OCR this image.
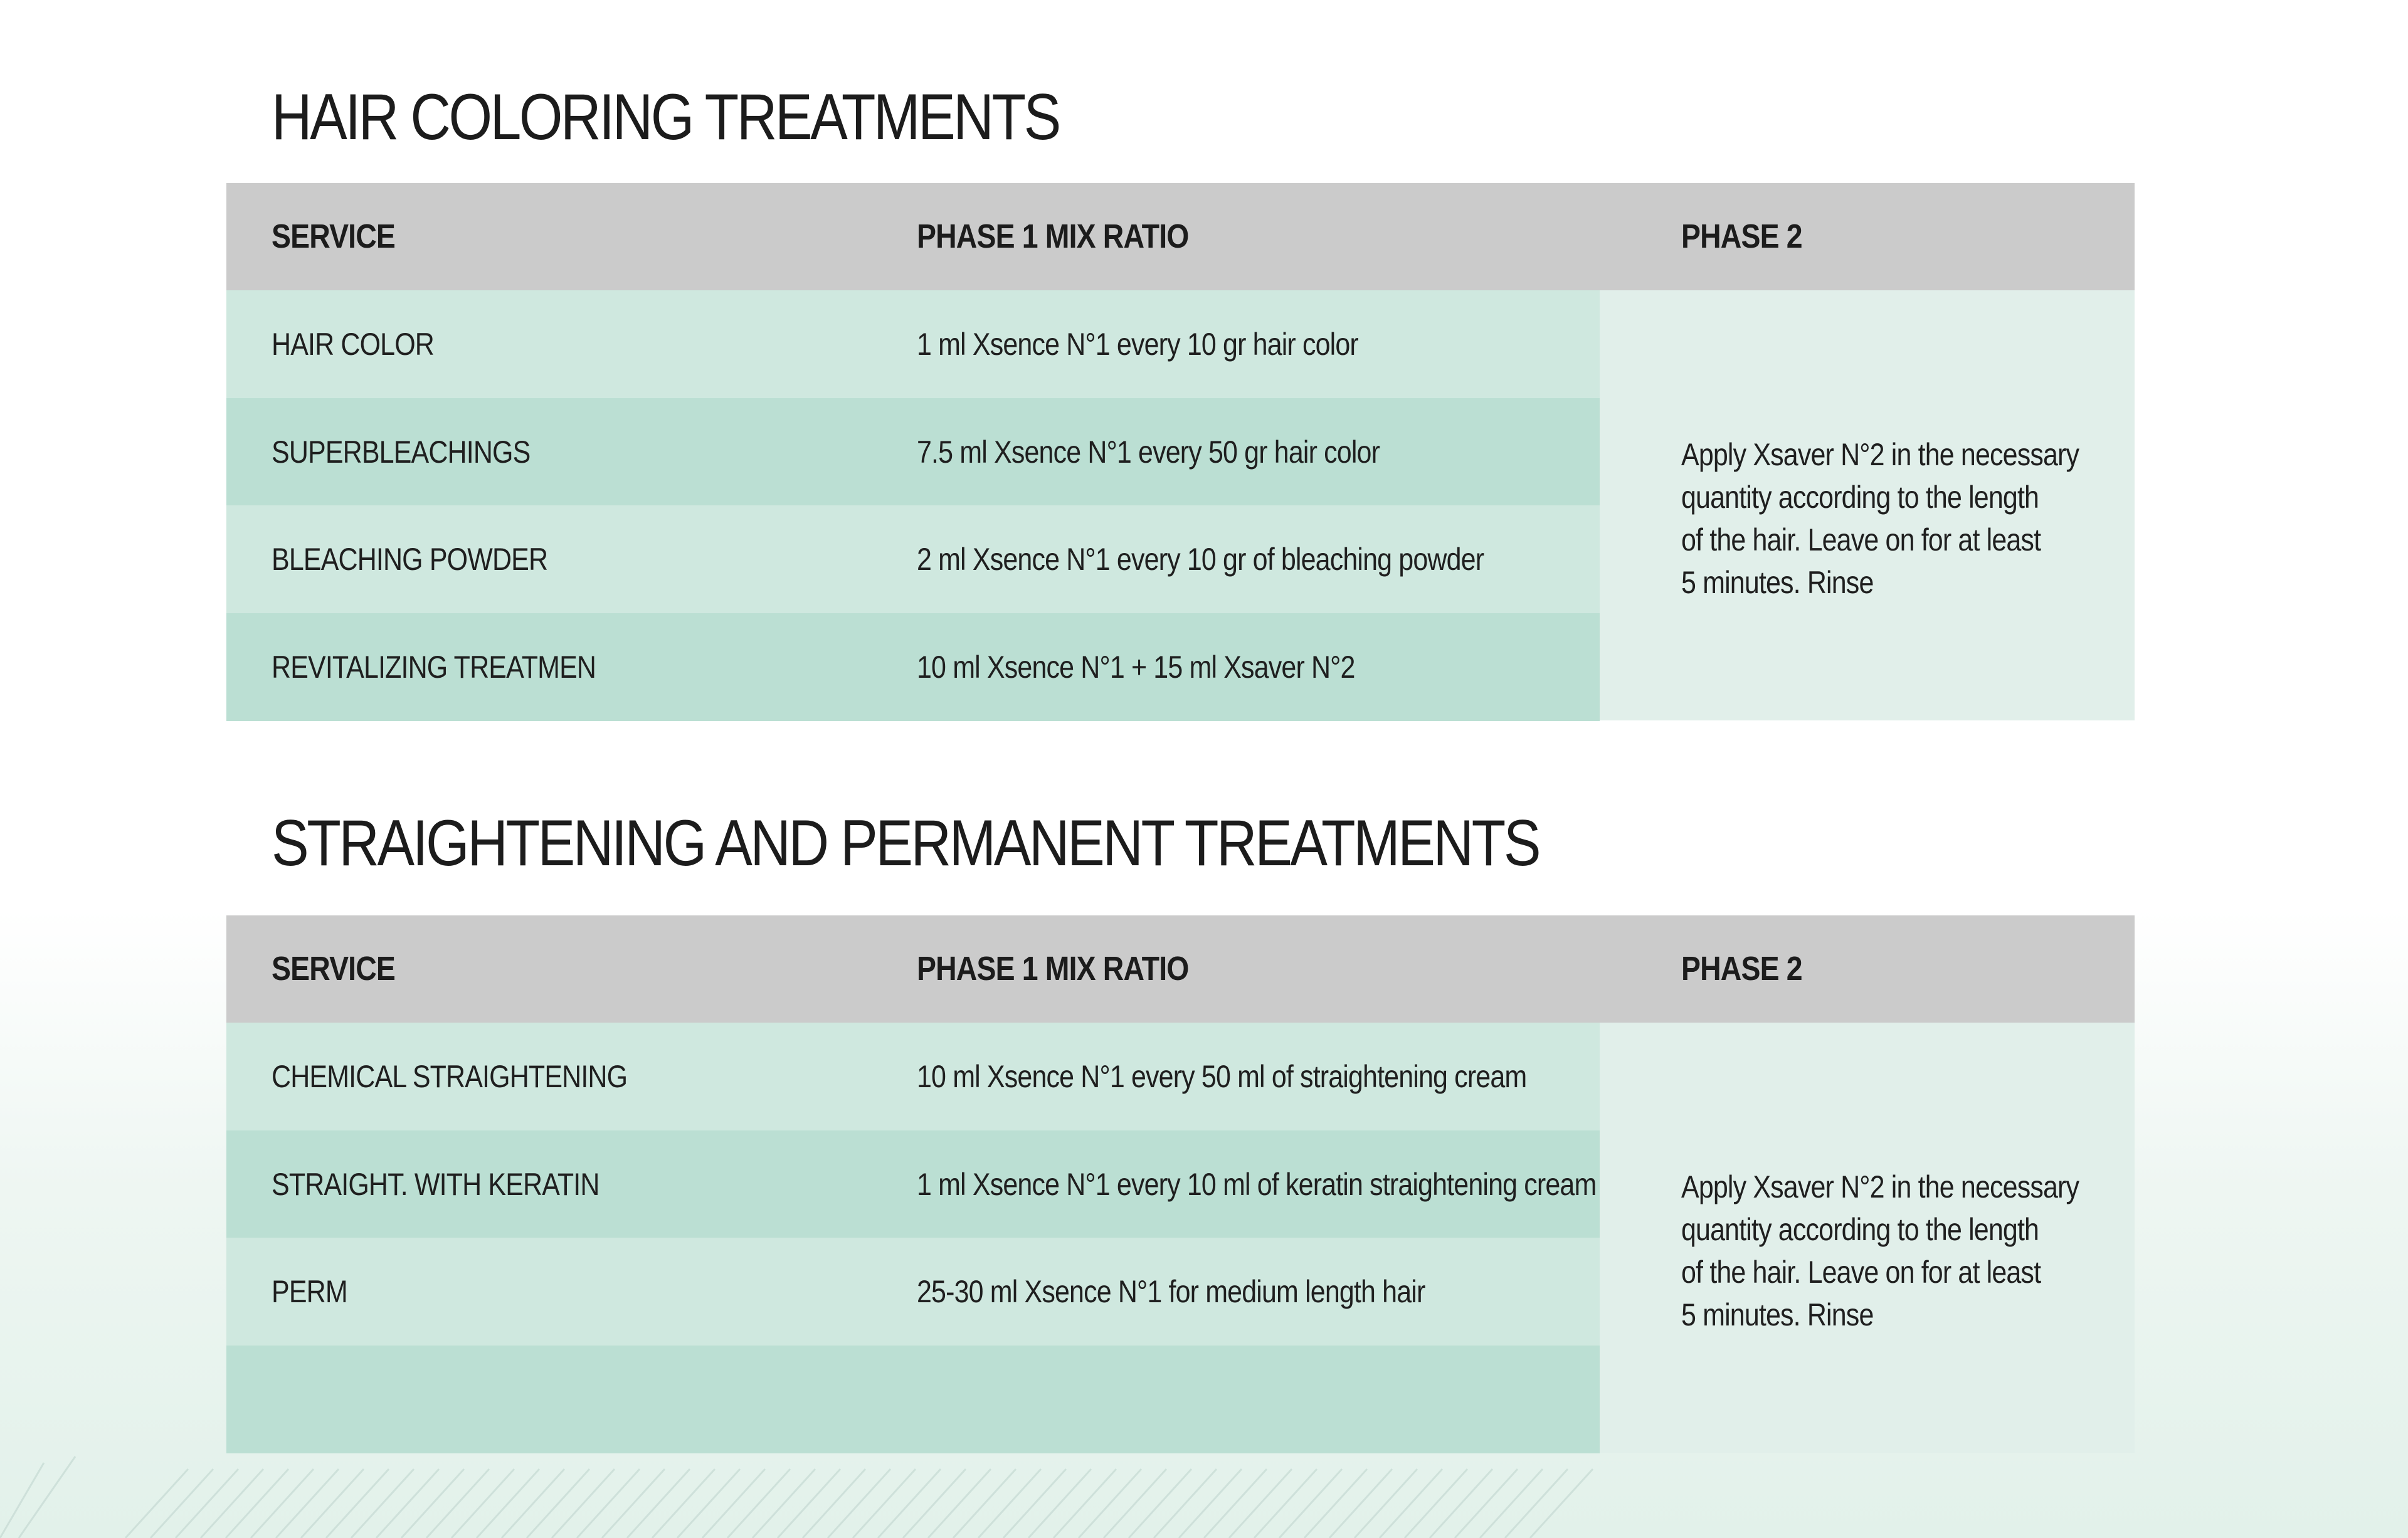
HAIR COLORING TREATMENTS
SERVICE	PHASE 1 MIX RATIO	PHASE 2
HAIR COLOR	1 ml Xsence N°1 every 10 gr hair color
SUPERBLEACHINGS	7.5 ml Xsence N°1 every 50 gr hair color
BLEACHING POWDER	2 ml Xsence N°1 every 10 gr of bleaching powder
REVITALIZING TREATMEN	10 ml Xsence N°1 + 15 ml Xsaver N°2
Apply Xsaver N°2 in the necessary
quantity according to the length
of the hair. Leave on for at least
5 minutes. Rinse
STRAIGHTENING AND PERMANENT TREATMENTS
SERVICE	PHASE 1 MIX RATIO	PHASE 2
CHEMICAL STRAIGHTENING	10 ml Xsence N°1 every 50 ml of straightening cream
STRAIGHT. WITH KERATIN	1 ml Xsence N°1 every 10 ml of keratin straightening cream
PERM	25-30 ml Xsence N°1 for medium length hair
Apply Xsaver N°2 in the necessary
quantity according to the length
of the hair. Leave on for at least
5 minutes. Rinse
